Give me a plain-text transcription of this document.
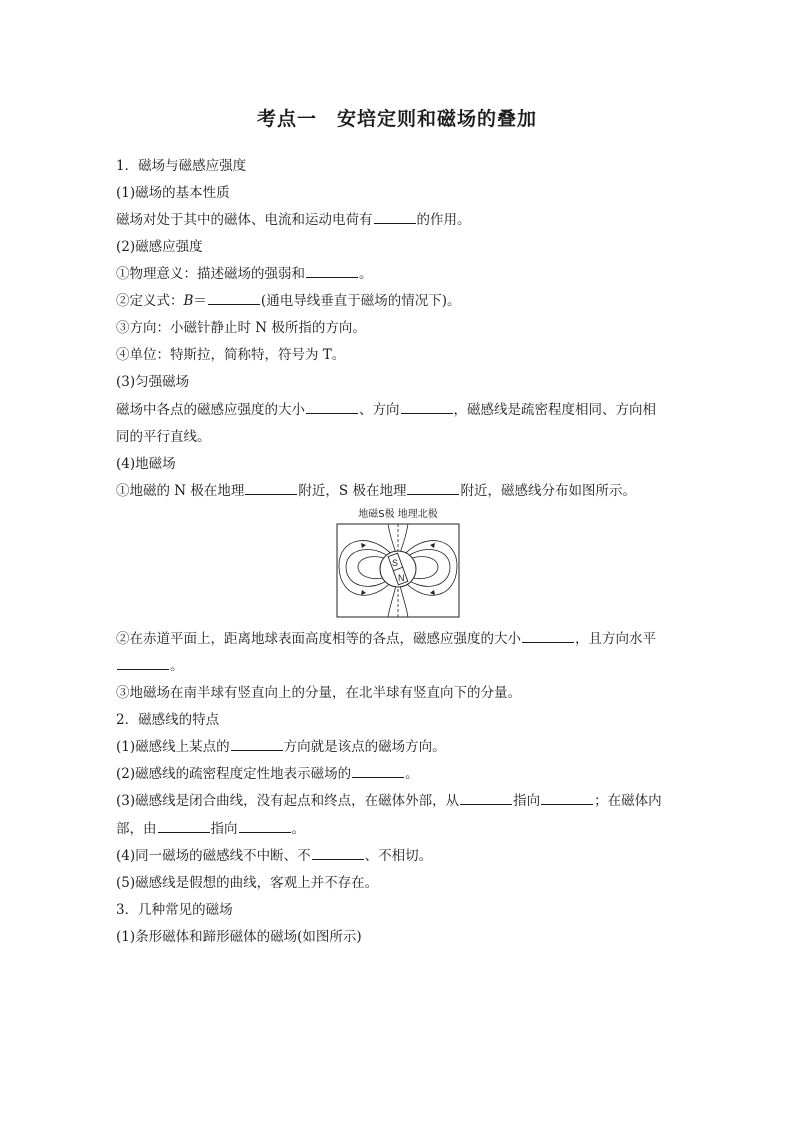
考点一　安培定则和磁场的叠加
1．磁场与磁感应强度
(1)磁场的基本性质
磁场对处于其中的磁体、电流和运动电荷有	的作用。
(2)磁感应强度
①物理意义：描述磁场的强弱和	。
②定义式：B＝	(通电导线垂直于磁场的情况下)。
③方向：小磁针静止时 N 极所指的方向。
④单位：特斯拉，简称特，符号为 T。
(3)匀强磁场
磁场中各点的磁感应强度的大小	、方向	，磁感线是疏密程度相同、方向相
同的平行直线。
(4)地磁场
①地磁的 N 极在地理	附近，S 极在地理	附近，磁感线分布如图所示。
地磁S极 地理北极
S
N
②在赤道平面上，距离地球表面高度相等的各点，磁感应强度的大小	，且方向水平
。
③地磁场在南半球有竖直向上的分量，在北半球有竖直向下的分量。
2．磁感线的特点
(1)磁感线上某点的	方向就是该点的磁场方向。
(2)磁感线的疏密程度定性地表示磁场的	。
(3)磁感线是闭合曲线，没有起点和终点，在磁体外部，从	指向	；在磁体内
部，由	指向	。
(4)同一磁场的磁感线不中断、不	、不相切。
(5)磁感线是假想的曲线，客观上并不存在。
3．几种常见的磁场
(1)条形磁体和蹄形磁体的磁场(如图所示)
